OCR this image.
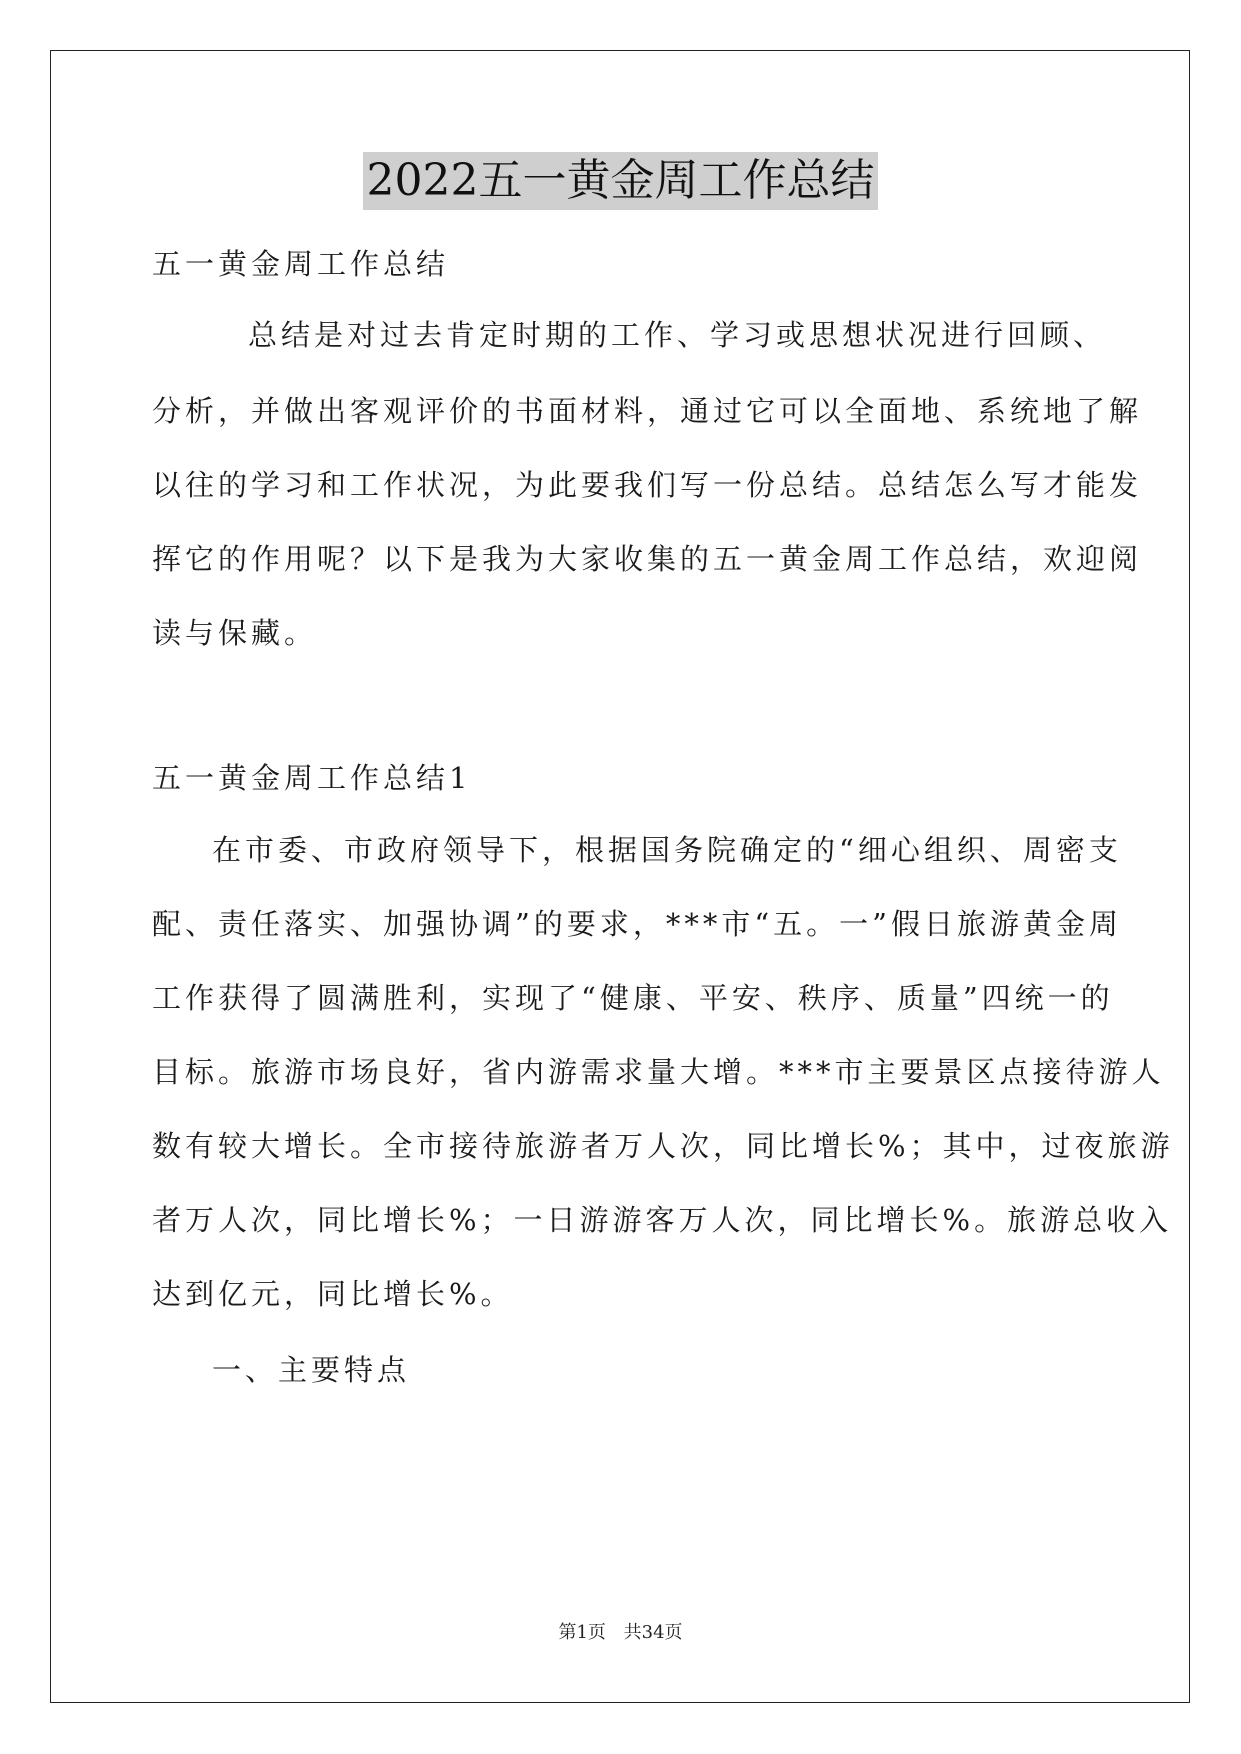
2022五一黄金周工作总结
五一黄金周工作总结
总结是对过去肯定时期的工作、学习或思想状况进行回顾、
分析，并做出客观评价的书面材料，通过它可以全面地、系统地了解
以往的学习和工作状况，为此要我们写一份总结。总结怎么写才能发
挥它的作用呢？以下是我为大家收集的五一黄金周工作总结，欢迎阅
读与保藏。
五一黄金周工作总结1
在市委、市政府领导下，根据国务院确定的“细心组织、周密支
配、责任落实、加强协调”的要求，***市“五。一”假日旅游黄金周
工作获得了圆满胜利，实现了“健康、平安、秩序、质量”四统一的
目标。旅游市场良好，省内游需求量大增。***市主要景区点接待游人
数有较大增长。全市接待旅游者万人次，同比增长%；其中，过夜旅游
者万人次，同比增长%；一日游游客万人次，同比增长%。旅游总收入
达到亿元，同比增长%。
一、主要特点
第1页 共34页
